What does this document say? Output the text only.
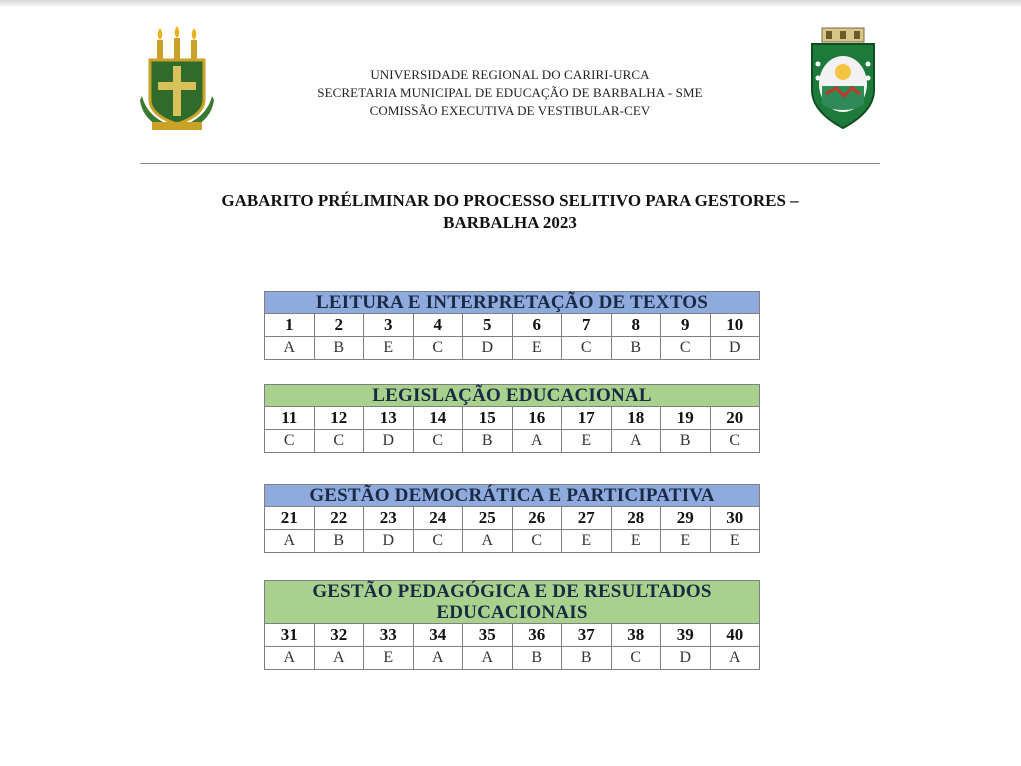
UNIVERSIDADE REGIONAL DO CARIRI-URCA
SECRETARIA MUNICIPAL DE EDUCAÇÃO DE BARBALHA - SME
COMISSÃO EXECUTIVA DE VESTIBULAR-CEV
GABARITO PRÉLIMINAR DO PROCESSO SELITIVO PARA GESTORES –
BARBALHA 2023
LEITURA E INTERPRETAÇÃO DE TEXTOS
1	2	3	4	5	6	7	8	9	10
A	B	E	C	D	E	C	B	C	D
LEGISLAÇÃO EDUCACIONAL
11	12	13	14	15	16	17	18	19	20
C	C	D	C	B	A	E	A	B	C
GESTÃO DEMOCRÁTICA E PARTICIPATIVA
21	22	23	24	25	26	27	28	29	30
A	B	D	C	A	C	E	E	E	E
GESTÃO PEDAGÓGICA E DE RESULTADOS
EDUCACIONAIS
31	32	33	34	35	36	37	38	39	40
A	A	E	A	A	B	B	C	D	A
